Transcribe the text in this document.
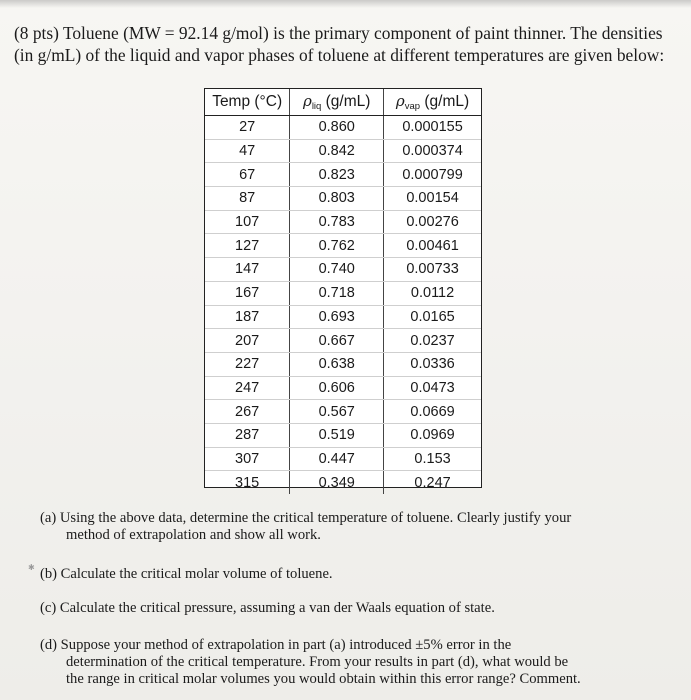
(8 pts) Toluene (MW = 92.14 g/mol) is the primary component of paint thinner. The densities
(in g/mL) of the liquid and vapor phases of toluene at different temperatures are given below:
Temp (°C)	$\rho_{liq}$ (g/mL)	$\rho_{vap}$ (g/mL)
27	0.860	0.000155
47	0.842	0.000374
67	0.823	0.000799
87	0.803	0.00154
107	0.783	0.00276
127	0.762	0.00461
147	0.740	0.00733
167	0.718	0.0112
187	0.693	0.0165
207	0.667	0.0237
227	0.638	0.0336
247	0.606	0.0473
267	0.567	0.0669
287	0.519	0.0969
307	0.447	0.153
315	0.349	0.247
✱
(a) Using the above data, determine the critical temperature of toluene. Clearly justify your
method of extrapolation and show all work.
(b) Calculate the critical molar volume of toluene.
(c) Calculate the critical pressure, assuming a van der Waals equation of state.
(d) Suppose your method of extrapolation in part (a) introduced ±5% error in the
determination of the critical temperature. From your results in part (d), what would be
the range in critical molar volumes you would obtain within this error range? Comment.
